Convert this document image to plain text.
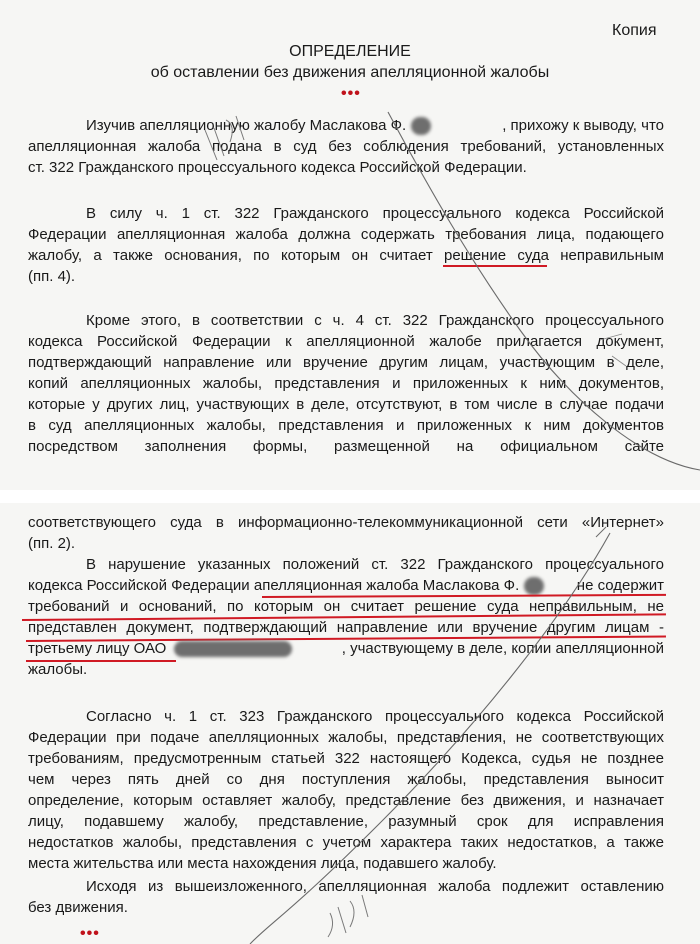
Копия
ОПРЕДЕЛЕНИЕ
об оставлении без движения апелляционной жалобы
•••
Изучив апелляционную жалобу Маслакова Ф.	, прихожу к выводу, что
апелляционная жалоба подана в суд без соблюдения требований, установленных
ст. 322 Гражданского процессуального кодекса Российской Федерации.
В силу ч. 1 ст. 322 Гражданского процессуального кодекса Российской
Федерации апелляционная жалоба должна содержать требования лица, подающего
жалобу, а также основания, по которым он считает решение суда неправильным
(пп. 4).
Кроме этого, в соответствии с ч. 4 ст. 322 Гражданского процессуального
кодекса Российской Федерации к апелляционной жалобе прилагается документ,
подтверждающий направление или вручение другим лицам, участвующим в деле,
копий апелляционных жалобы, представления и приложенных к ним документов,
которые у других лиц, участвующих в деле, отсутствуют, в том числе в случае подачи
в суд апелляционных жалобы, представления и приложенных к ним документов
посредством заполнения формы, размещенной на официальном сайте
соответствующего суда в информационно-телекоммуникационной сети «Интернет»
(пп. 2).
В нарушение указанных положений ст. 322 Гражданского процессуального
кодекса Российской Федерации апелляционная жалоба Маслакова Ф.	не содержит
требований и оснований, по которым он считает решение суда неправильным, не
представлен документ, подтверждающий направление или вручение другим лицам -
третьему лицу ОАО	, участвующему в деле, копии апелляционной
жалобы.
Согласно ч. 1 ст. 323 Гражданского процессуального кодекса Российской
Федерации при подаче апелляционных жалобы, представления, не соответствующих
требованиям, предусмотренным статьей 322 настоящего Кодекса, судья не позднее
чем через пять дней со дня поступления жалобы, представления выносит
определение, которым оставляет жалобу, представление без движения, и назначает
лицу, подавшему жалобу, представление, разумный срок для исправления
недостатков жалобы, представления с учетом характера таких недостатков, а также
места жительства или места нахождения лица, подавшего жалобу.
Исходя из вышеизложенного, апелляционная жалоба подлежит оставлению
без движения.
•••
